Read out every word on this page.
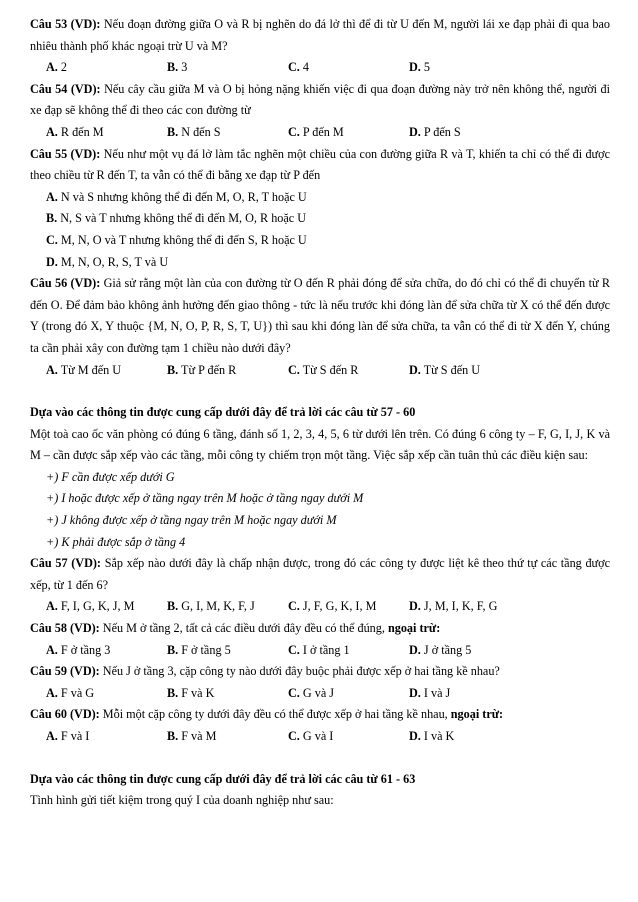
Câu 53 (VD): Nếu đoạn đường giữa O và R bị nghẽn do đá lở thì để đi từ U đến M, người lái xe đạp phải đi qua bao nhiêu thành phố khác ngoại trừ U và M?

A. 2	B. 3	C. 4	D. 5

Câu 54 (VD): Nếu cây cầu giữa M và O bị hỏng nặng khiến việc đi qua đoạn đường này trở nên không thể, người đi xe đạp sẽ không thể đi theo các con đường từ

A. R đến M	B. N đến S	C. P đến M	D. P đến S

Câu 55 (VD): Nếu như một vụ đá lở làm tắc nghẽn một chiều của con đường giữa R và T, khiến ta chỉ có thể đi được theo chiều từ R đến T, ta vẫn có thể đi bằng xe đạp từ P đến

A. N và S nhưng không thể đi đến M, O, R, T hoặc U
B. N, S và T nhưng không thể đi đến M, O, R hoặc U
C. M, N, O và T nhưng không thể đi đến S, R hoặc U
D. M, N, O, R, S, T và U

Câu 56 (VD): Giả sử rằng một làn của con đường từ O đến R phải đóng để sửa chữa, do đó chỉ có thể đi chuyển từ R đến O. Để đảm bảo không ảnh hưởng đến giao thông - tức là nếu trước khi đóng làn để sửa chữa từ X có thể đến được Y (trong đó X, Y thuộc {M, N, O, P, R, S, T, U}) thì sau khi đóng làn để sửa chữa, ta vẫn có thể đi từ X đến Y, chúng ta cần phải xây con đường tạm 1 chiều nào dưới đây?

A. Từ M đến U	B. Từ P đến R	C. Từ S đến R	D. Từ S đến U

Dựa vào các thông tin được cung cấp dưới đây để trả lời các câu từ 57 - 60

Một toà cao ốc văn phòng có đúng 6 tầng, đánh số 1, 2, 3, 4, 5, 6 từ dưới lên trên. Có đúng 6 công ty – F, G, I, J, K và M – cần được sắp xếp vào các tầng, mỗi công ty chiếm trọn một tầng. Việc sắp xếp cần tuân thủ các điều kiện sau:

+) F cần được xếp dưới G
+) I hoặc được xếp ở tầng ngay trên M hoặc ở tầng ngay dưới M
+) J không được xếp ở tầng ngay trên M hoặc ngay dưới M
+) K phải được sắp ở tầng 4

Câu 57 (VD): Sắp xếp nào dưới đây là chấp nhận được, trong đó các công ty được liệt kê theo thứ tự các tầng được xếp, từ 1 đến 6?

A. F, I, G, K, J, M	B. G, I, M, K, F, J	C. J, F, G, K, I, M	D. J, M, I, K, F, G

Câu 58 (VD): Nếu M ở tầng 2, tất cả các điều dưới đây đều có thể đúng, ngoại trừ:

A. F ở tầng 3	B. F ở tầng 5	C. I ở tầng 1	D. J ở tầng 5

Câu 59 (VD): Nếu J ở tầng 3, cặp công ty nào dưới đây buộc phải được xếp ở hai tầng kề nhau?

A. F và G	B. F và K	C. G và J	D. I và J

Câu 60 (VD): Mỗi một cặp công ty dưới đây đều có thể được xếp ở hai tầng kề nhau, ngoại trừ:

A. F và I	B. F và M	C. G và I	D. I và K

Dựa vào các thông tin được cung cấp dưới đây để trả lời các câu từ 61 - 63

Tình hình gửi tiết kiệm trong quý I của doanh nghiệp như sau:
